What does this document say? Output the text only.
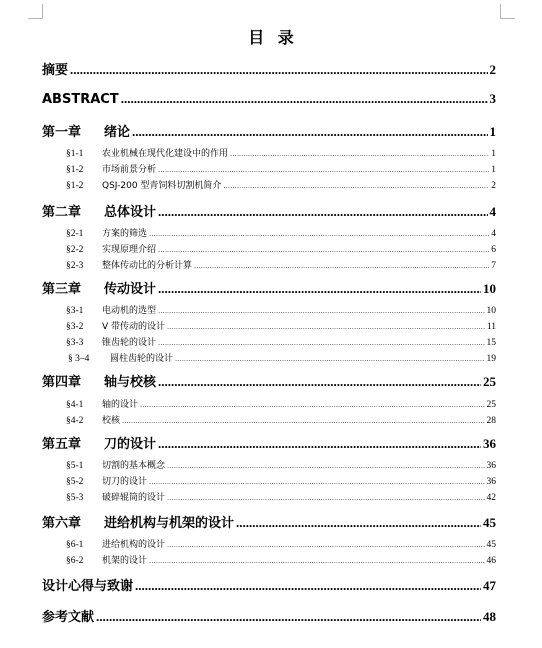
目 录
摘要 .....	2
ABSTRACT .....	3
第一章 绪论 .....	1
§1-1 农业机械在现代化建设中的作用 .....	1
§1-2 市场前景分析 .....	1
§1-2 QSJ-200 型青饲料切割机简介 .....	2
第二章 总体设计 .....	4
§2-1 方案的筛选 .....	4
§2-2 实现原理介绍 .....	6
§2-3 整体传动比的分析计算 .....	7
第三章 传动设计 .....	10
§3-1 电动机的选型 .....	10
§3-2 V 带传动的设计 .....	11
§3-3 锥齿轮的设计 .....	15
§ 3–4 圆柱齿轮的设计 .....	19
第四章 轴与校核 .....	25
§4-1 轴的设计 .....	25
§4-2 校核 .....	28
第五章 刀的设计 .....	36
§5-1 切割的基本概念 .....	36
§5-2 切刀的设计 .....	36
§5-3 破碎辊筒的设计 .....	42
第六章 进给机构与机架的设计 .....	45
§6-1 进给机构的设计 .....	45
§6-2 机架的设计 .....	46
设计心得与致谢 .....	47
参考文献 .....	48
